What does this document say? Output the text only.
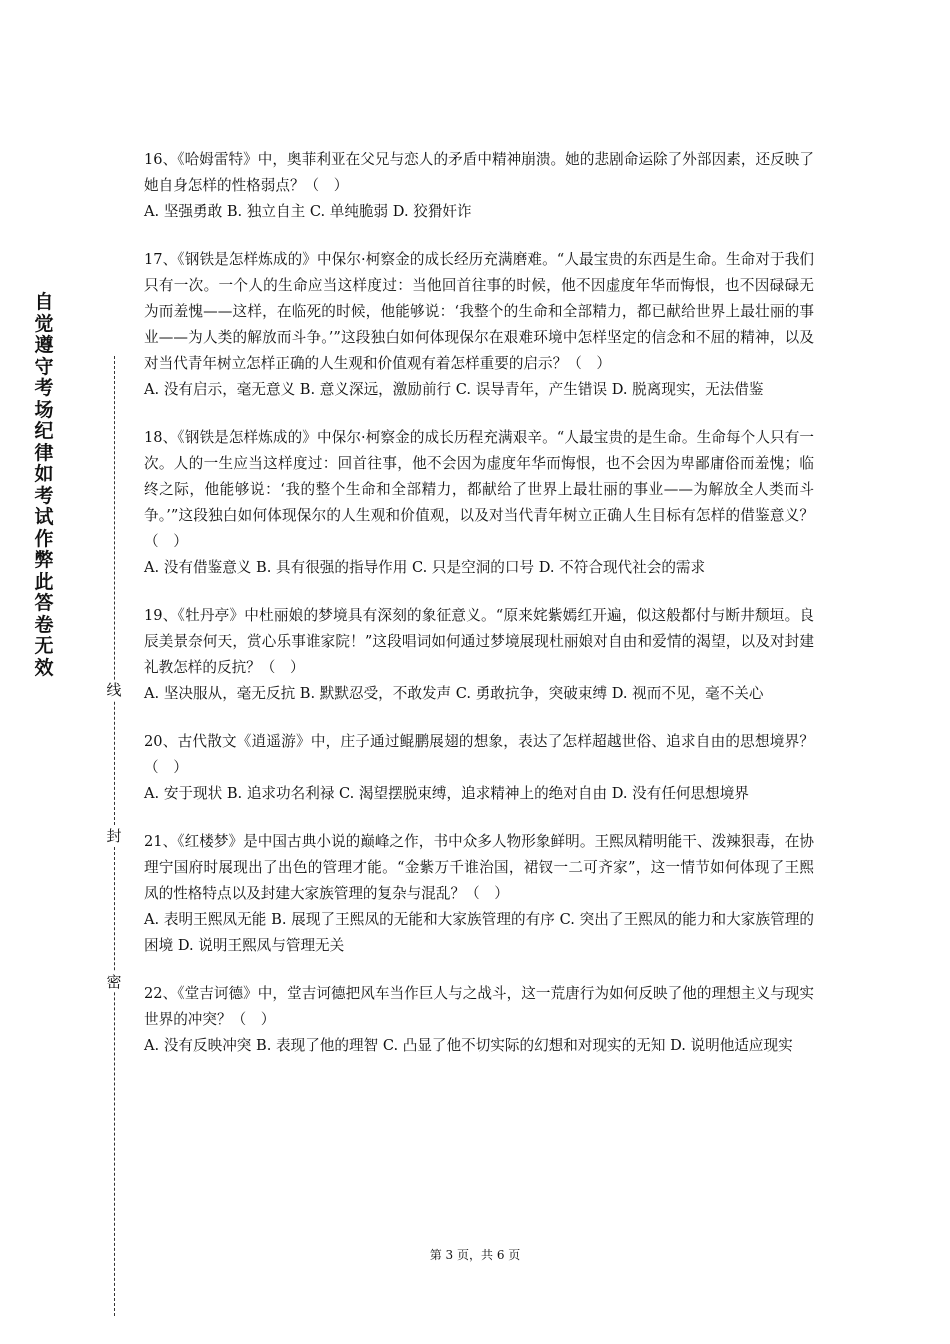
自觉遵守考场纪律如考试作弊此答卷无效
线
封
密

16、《哈姆雷特》中，奥菲利亚在父兄与恋人的矛盾中精神崩溃。她的悲剧命运除了外部因素，还反映了她自身怎样的性格弱点？（　）

A. 坚强勇敢 B. 独立自主 C. 单纯脆弱 D. 狡猾奸诈

17、《钢铁是怎样炼成的》中保尔·柯察金的成长经历充满磨难。“人最宝贵的东西是生命。生命对于我们只有一次。一个人的生命应当这样度过：当他回首往事的时候，他不因虚度年华而悔恨，也不因碌碌无为而羞愧——这样，在临死的时候，他能够说：‘我整个的生命和全部精力，都已献给世界上最壮丽的事业——为人类的解放而斗争。’”这段独白如何体现保尔在艰难环境中怎样坚定的信念和不屈的精神，以及对当代青年树立怎样正确的人生观和价值观有着怎样重要的启示？（　）

A. 没有启示，毫无意义 B. 意义深远，激励前行 C. 误导青年，产生错误 D. 脱离现实，无法借鉴

18、《钢铁是怎样炼成的》中保尔·柯察金的成长历程充满艰辛。“人最宝贵的是生命。生命每个人只有一次。人的一生应当这样度过：回首往事，他不会因为虚度年华而悔恨，也不会因为卑鄙庸俗而羞愧；临终之际，他能够说：‘我的整个生命和全部精力，都献给了世界上最壮丽的事业——为解放全人类而斗争。’”这段独白如何体现保尔的人生观和价值观，以及对当代青年树立正确人生目标有怎样的借鉴意义？（　）

A. 没有借鉴意义 B. 具有很强的指导作用 C. 只是空洞的口号 D. 不符合现代社会的需求

19、《牡丹亭》中杜丽娘的梦境具有深刻的象征意义。“原来姹紫嫣红开遍，似这般都付与断井颓垣。良辰美景奈何天，赏心乐事谁家院！”这段唱词如何通过梦境展现杜丽娘对自由和爱情的渴望，以及对封建礼教怎样的反抗？（　）

A. 坚决服从，毫无反抗 B. 默默忍受，不敢发声 C. 勇敢抗争，突破束缚 D. 视而不见，毫不关心

20、古代散文《逍遥游》中，庄子通过鲲鹏展翅的想象，表达了怎样超越世俗、追求自由的思想境界？（　）

A. 安于现状 B. 追求功名利禄 C. 渴望摆脱束缚，追求精神上的绝对自由 D. 没有任何思想境界

21、《红楼梦》是中国古典小说的巅峰之作，书中众多人物形象鲜明。王熙凤精明能干、泼辣狠毒，在协理宁国府时展现出了出色的管理才能。“金紫万千谁治国，裙钗一二可齐家”，这一情节如何体现了王熙凤的性格特点以及封建大家族管理的复杂与混乱？（　）

A. 表明王熙凤无能 B. 展现了王熙凤的无能和大家族管理的有序 C. 突出了王熙凤的能力和大家族管理的困境 D. 说明王熙凤与管理无关

22、《堂吉诃德》中，堂吉诃德把风车当作巨人与之战斗，这一荒唐行为如何反映了他的理想主义与现实世界的冲突？（　）

A. 没有反映冲突 B. 表现了他的理智 C. 凸显了他不切实际的幻想和对现实的无知 D. 说明他适应现实

第 3 页，共 6 页
